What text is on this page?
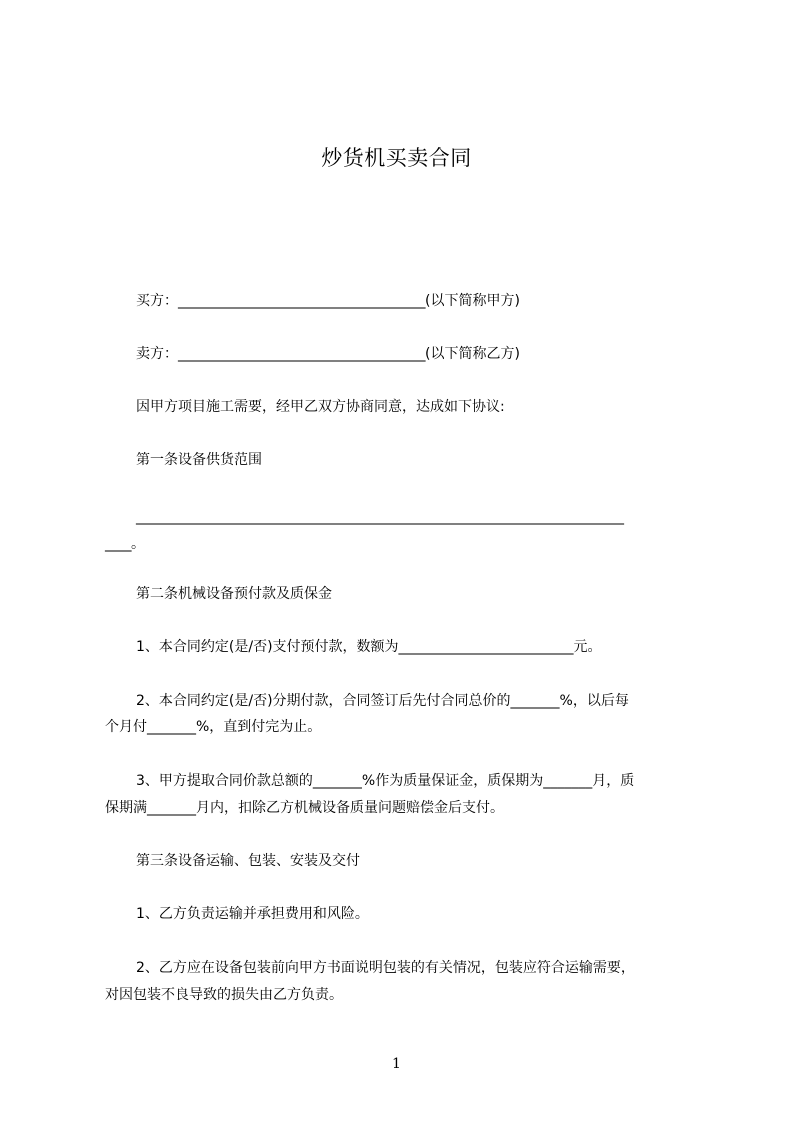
炒货机买卖合同
买方：______________________________________(以下简称甲方)
卖方：______________________________________(以下简称乙方)
因甲方项目施工需要，经甲乙双方协商同意，达成如下协议:
第一条设备供货范围
___________________________________________________________________________
____。
第二条机械设备预付款及质保金
1、本合同约定(是/否)支付预付款，数额为_________________________元。
2、本合同约定(是/否)分期付款，合同签订后先付合同总价的_______%，以后每
个月付_______%，直到付完为止。
3、甲方提取合同价款总额的_______%作为质量保证金，质保期为_______月，质
保期满_______月内，扣除乙方机械设备质量问题赔偿金后支付。
第三条设备运输、包装、安装及交付
1、乙方负责运输并承担费用和风险。
2、乙方应在设备包装前向甲方书面说明包装的有关情况，包装应符合运输需要，
对因包装不良导致的损失由乙方负责。
1
